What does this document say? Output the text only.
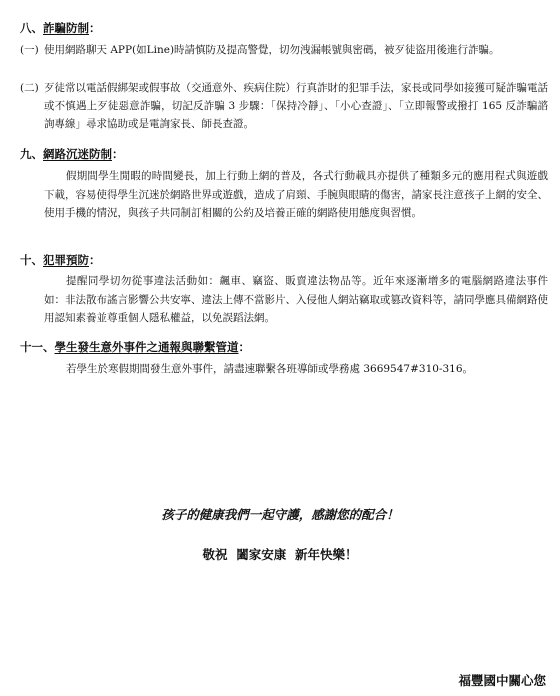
八、詐騙防制：
(一) 使用網路聊天 APP(如Line)時請慎防及提高警覺，切勿洩漏帳號與密碼，被歹徒盜用後進行詐騙。
(二) 歹徒常以電話假綁架或假事故（交通意外、疾病住院）行真詐財的犯罪手法，家長或同學如接獲可疑詐騙電話或不慎遇上歹徒惡意詐騙，切記反詐騙 3 步驟：「保持冷靜」、「小心查證」、「立即報警或撥打 165 反詐騙諮詢專線」尋求協助或是電詢家長、師長查證。
九、網路沉迷防制：
假期間學生閒暇的時間變長，加上行動上網的普及，各式行動載具亦提供了種類多元的應用程式與遊戲下載，容易使得學生沉迷於網路世界或遊戲，造成了肩頸、手腕與眼睛的傷害，請家長注意孩子上網的安全、使用手機的情況，與孩子共同制訂相關的公約及培養正確的網路使用態度與習慣。
十、犯罪預防：
提醒同學切勿從事違法活動如：飆車、竊盜、販賣違法物品等。近年來逐漸增多的電腦網路違法事件如：非法散布謠言影響公共安寧、違法上傳不當影片、入侵他人網站竊取或篡改資料等，請同學應具備網路使用認知素養並尊重個人隱私權益，以免誤蹈法網。
十一、學生發生意外事件之通報與聯繫管道：
若學生於寒假期間發生意外事件，請盡速聯繫各班導師或學務處 3669547#310-316。
孩子的健康我們一起守護，感謝您的配合！
敬祝  闔家安康  新年快樂！
福豐國中關心您
